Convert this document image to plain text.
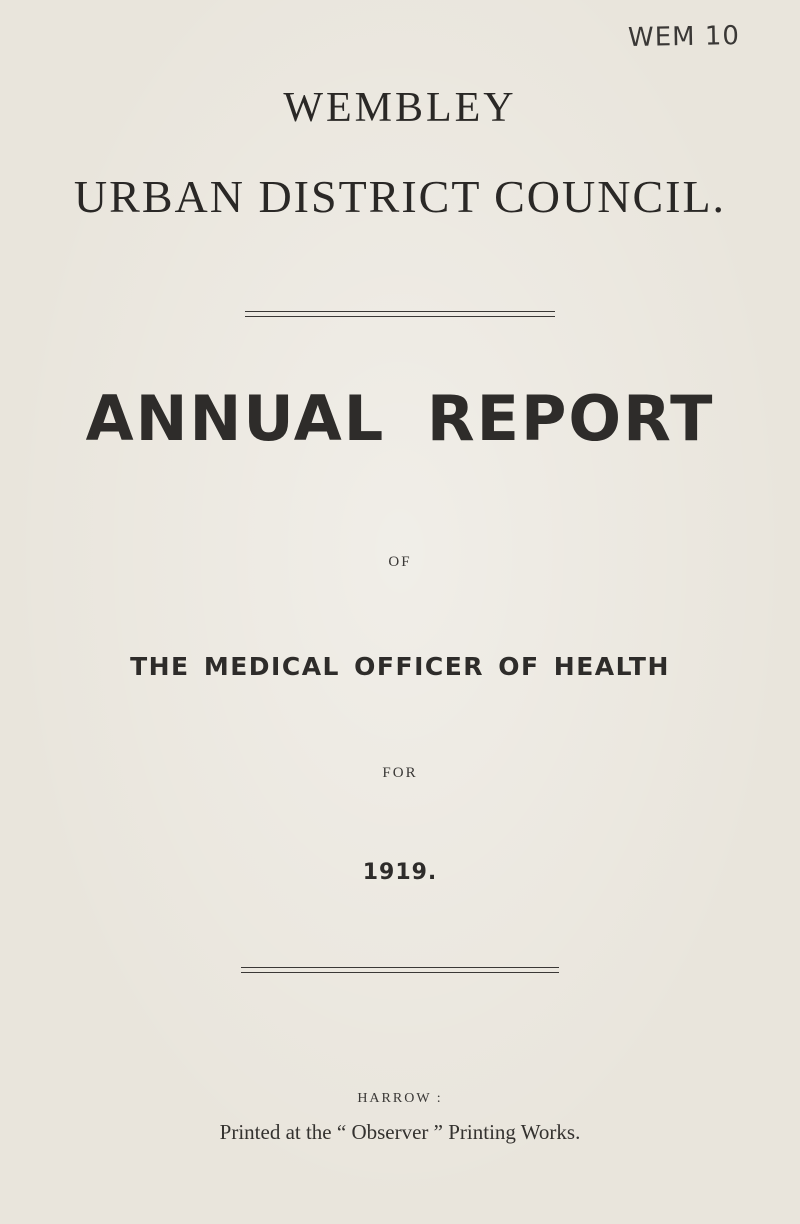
WEM 10
WEMBLEY
URBAN DISTRICT COUNCIL.
ANNUAL REPORT
OF
THE MEDICAL OFFICER OF HEALTH
FOR
1919.
HARROW :
Printed at the “ Observer ” Printing Works.
